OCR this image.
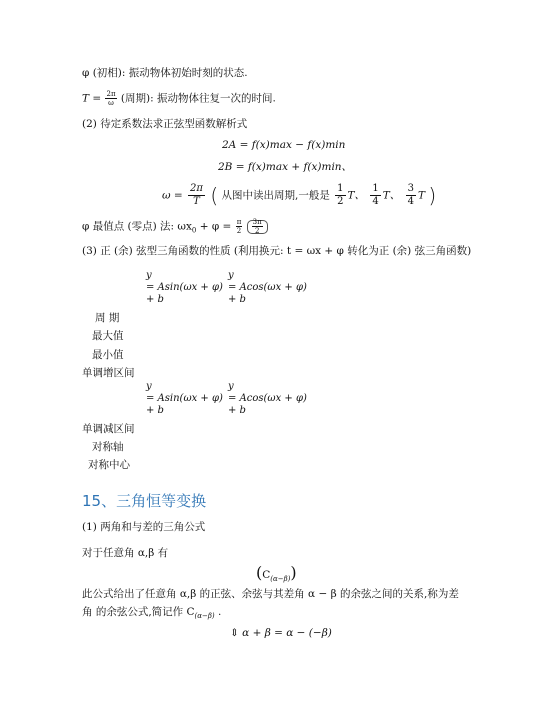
φ (初相): 振动物体初始时刻的状态.
$T = \frac{2\pi}{\omega}$ (周期): 振动物体往复一次的时间.
(2) 待定系数法求正弦型函数解析式
2A = f(x)max − f(x)min
2B = f(x)max + f(x)min、
$\omega = \frac{2\pi}{T}$ ( 从图中读出周期,一般是 $\frac{1}{2}$ T、 $\frac{1}{4}$ T、 $\frac{3}{4}$ T )
φ 最值点 (零点) 法: $\omega x_0 + \varphi = \frac{\pi}{2}$
$\frac{3\pi}{2}$
(3) 正 (余) 弦型三角函数的性质 (利用换元: t = ωx + φ 转化为正 (余) 弦三角函数)
y
= Asin(ωx + φ)
+ b
y
= Acos(ωx + φ)
+ b
周 期
最大值
最小值
单调增区间
y
= Asin(ωx + φ)
+ b
y
= Acos(ωx + φ)
+ b
单调减区间
对称轴
对称中心
15、三角恒等变换
(1) 两角和与差的三角公式
对于任意角 α,β 有
$(C_{(\alpha-\beta)})$
此公式给出了任意角 α,β 的正弦、余弦与其差角 α − β 的余弦之间的关系,称为差
角 的余弦公式,简记作 $C_{(\alpha-\beta)}$ .
⇕ α + β = α − (−β)
